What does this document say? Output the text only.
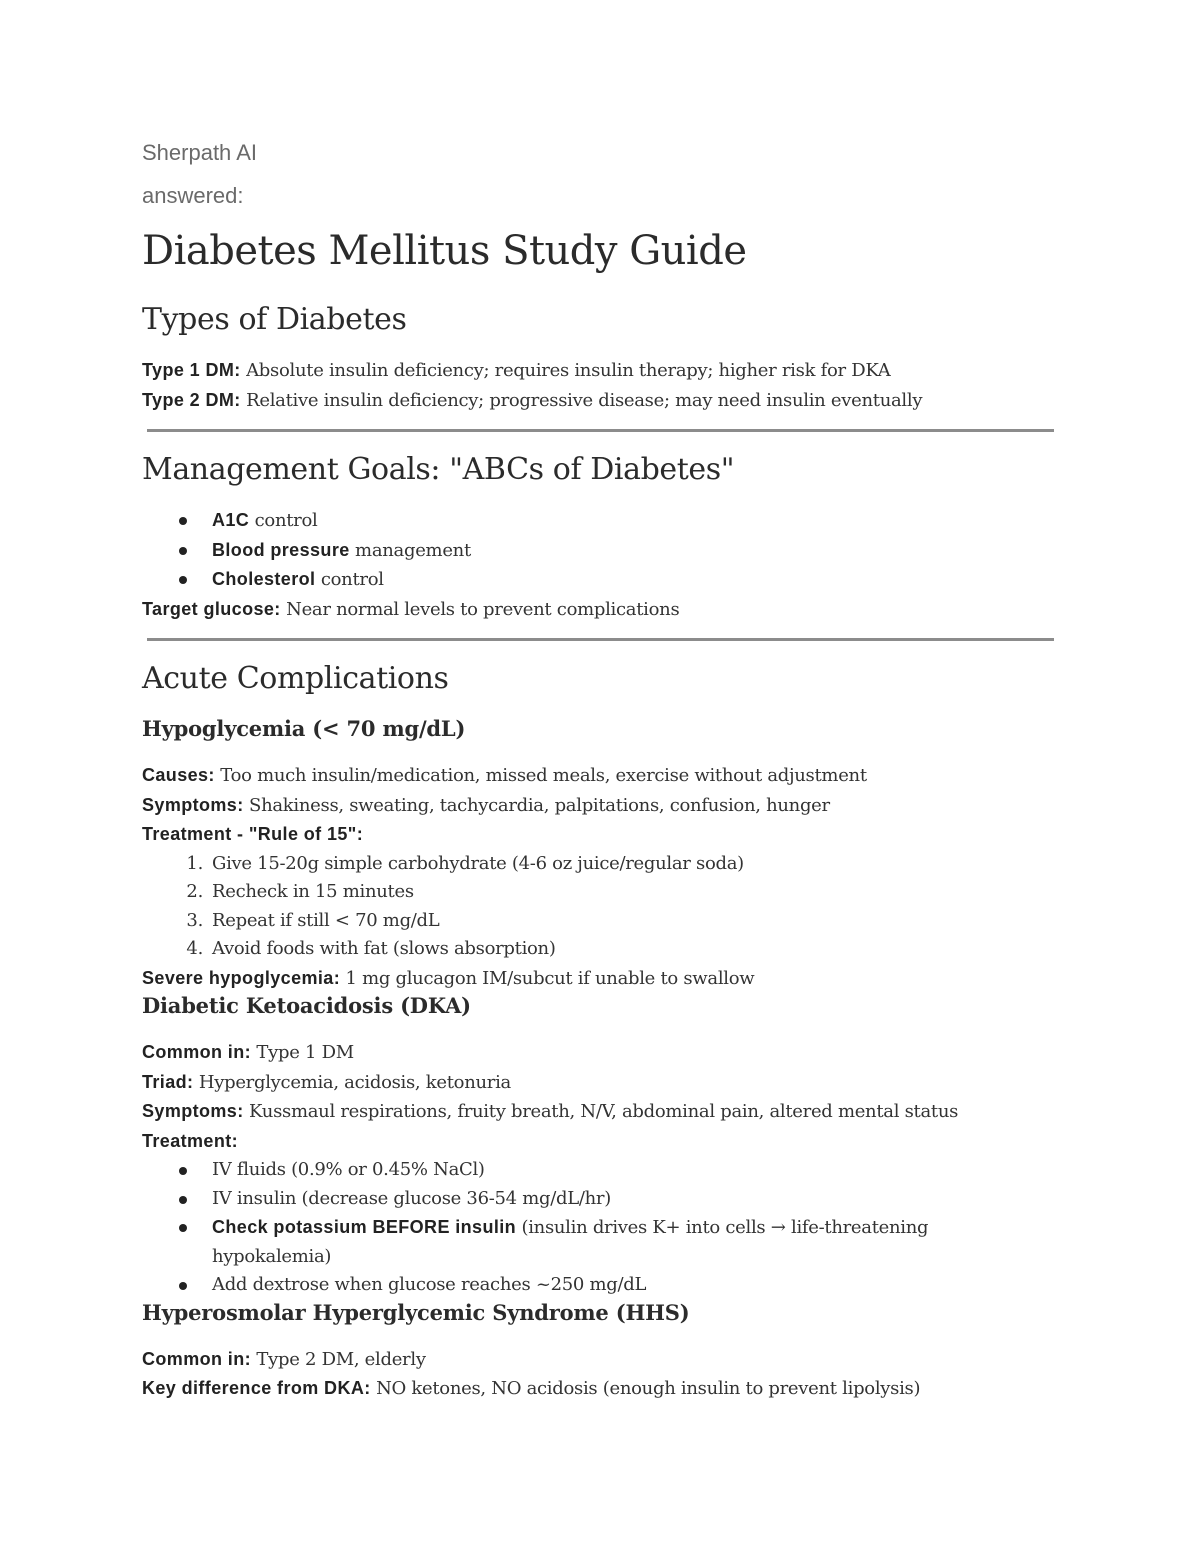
Sherpath AI
answered:
Diabetes Mellitus Study Guide
Types of Diabetes
Type 1 DM: Absolute insulin deficiency; requires insulin therapy; higher risk for DKA
Type 2 DM: Relative insulin deficiency; progressive disease; may need insulin eventually
Management Goals: "ABCs of Diabetes"
A1C control
Blood pressure management
Cholesterol control
Target glucose: Near normal levels to prevent complications
Acute Complications
Hypoglycemia (< 70 mg/dL)
Causes: Too much insulin/medication, missed meals, exercise without adjustment
Symptoms: Shakiness, sweating, tachycardia, palpitations, confusion, hunger
Treatment - "Rule of 15":
1. Give 15-20g simple carbohydrate (4-6 oz juice/regular soda)
2. Recheck in 15 minutes
3. Repeat if still < 70 mg/dL
4. Avoid foods with fat (slows absorption)
Severe hypoglycemia: 1 mg glucagon IM/subcut if unable to swallow
Diabetic Ketoacidosis (DKA)
Common in: Type 1 DM
Triad: Hyperglycemia, acidosis, ketonuria
Symptoms: Kussmaul respirations, fruity breath, N/V, abdominal pain, altered mental status
Treatment:
IV fluids (0.9% or 0.45% NaCl)
IV insulin (decrease glucose 36-54 mg/dL/hr)
Check potassium BEFORE insulin (insulin drives K+ into cells → life-threatening hypokalemia)
Add dextrose when glucose reaches ~250 mg/dL
Hyperosmolar Hyperglycemic Syndrome (HHS)
Common in: Type 2 DM, elderly
Key difference from DKA: NO ketones, NO acidosis (enough insulin to prevent lipolysis)
